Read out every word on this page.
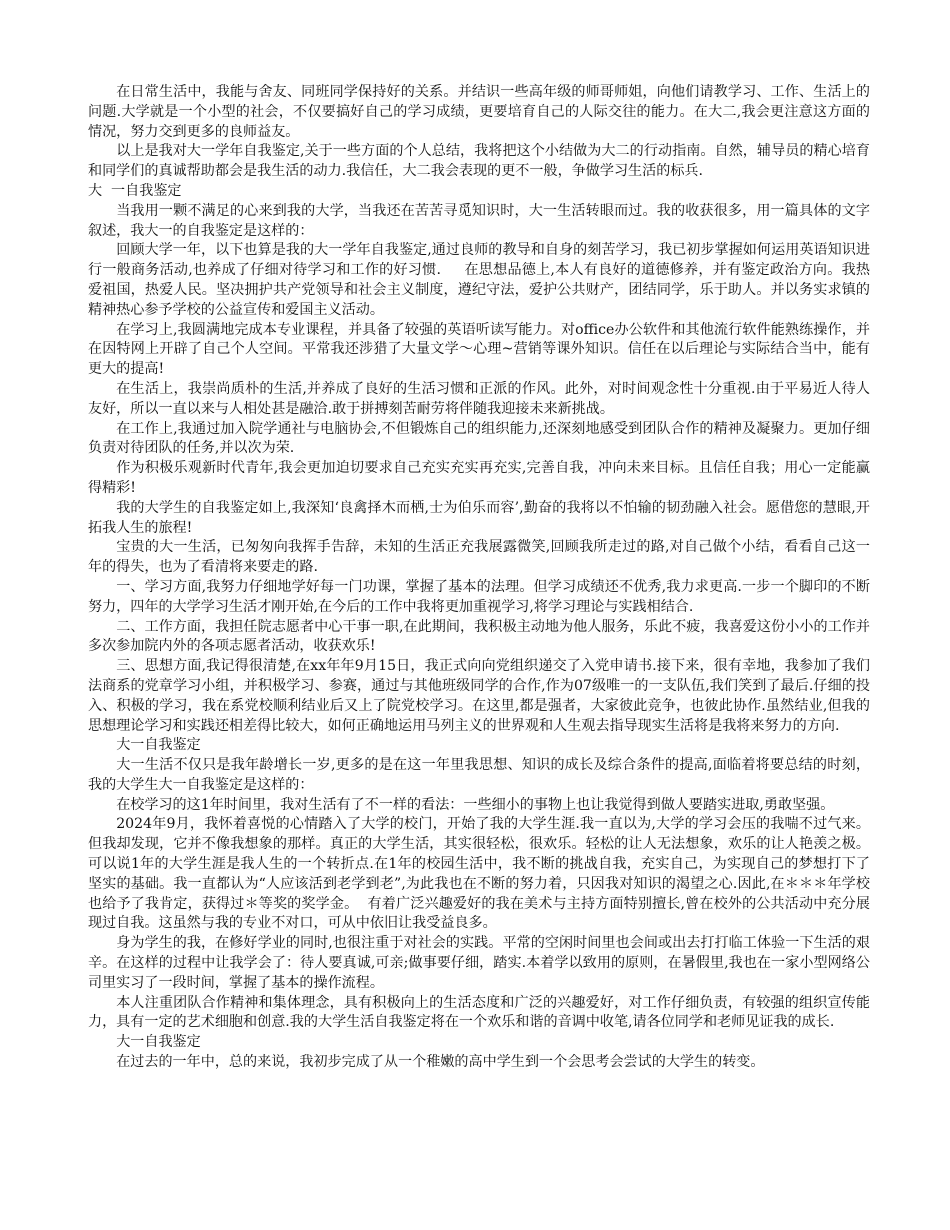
在日常生活中，我能与舍友、同班同学保持好的关系。并结识一些高年级的师哥师姐，向他们请教学习、工作、生活上的问题.大学就是一个小型的社会，不仅要搞好自己的学习成绩，更要培育自己的人际交往的能力。在大二,我会更注意这方面的情况，努力交到更多的良师益友。

以上是我对大一学年自我鉴定,关于一些方面的个人总结，我将把这个小结做为大二的行动指南。自然，辅导员的精心培育和同学们的真诚帮助都会是我生活的动力.我信任，大二我会表现的更不一般，争做学习生活的标兵.

大  一自我鉴定

当我用一颗不满足的心来到我的大学，当我还在苦苦寻觅知识时，大一生活转眼而过。我的收获很多，用一篇具体的文字叙述，我大一的自我鉴定是这样的：

回顾大学一年，以下也算是我的大一学年自我鉴定,通过良师的教导和自身的刻苦学习，我已初步掌握如何运用英语知识进行一般商务活动,也养成了仔细对待学习和工作的好习惯.     在思想品德上,本人有良好的道德修养，并有鉴定政治方向。我热爱祖国，热爱人民。坚决拥护共产党领导和社会主义制度，遵纪守法，爱护公共财产，团结同学，乐于助人。并以务实求镇的精神热心参予学校的公益宣传和爱国主义活动。

在学习上,我圆满地完成本专业课程，并具备了较强的英语听读写能力。对office办公软件和其他流行软件能熟练操作，并在因特网上开辟了自己个人空间。平常我还涉猎了大量文学～心理~营销等课外知识。信任在以后理论与实际结合当中，能有更大的提高!

在生活上，我崇尚质朴的生活,并养成了良好的生活习惯和正派的作风。此外，对时间观念性十分重视.由于平易近人待人友好，所以一直以来与人相处甚是融洽.敢于拼搏刻苦耐劳将伴随我迎接未来新挑战。

在工作上,我通过加入院学通社与电脑协会,不但锻炼自己的组织能力,还深刻地感受到团队合作的精神及凝聚力。更加仔细负责对待团队的任务,并以次为荣.

作为积极乐观新时代青年,我会更加迫切要求自己充实充实再充实,完善自我，冲向未来目标。且信任自我；用心一定能赢得精彩!

我的大学生的自我鉴定如上,我深知‘良禽择木而栖,士为伯乐而容’,勤奋的我将以不怕输的韧劲融入社会。愿借您的慧眼,开拓我人生的旅程!

宝贵的大一生活，已匆匆向我挥手告辞，未知的生活正充我展露微笑,回顾我所走过的路,对自己做个小结，看看自己这一年的得失，也为了看清将来要走的路.

一、学习方面,我努力仔细地学好每一门功课，掌握了基本的法理。但学习成绩还不优秀,我力求更高.一步一个脚印的不断努力，四年的大学学习生活才刚开始,在今后的工作中我将更加重视学习,将学习理论与实践相结合.

二、工作方面，我担任院志愿者中心干事一职,在此期间，我积极主动地为他人服务，乐此不疲，我喜爱这份小小的工作并多次参加院内外的各项志愿者活动，收获欢乐!

三、思想方面,我记得很清楚,在xx年年9月15日，我正式向向党组织递交了入党申请书.接下来，很有幸地，我参加了我们法商系的党章学习小组，并积极学习、参赛，通过与其他班级同学的合作,作为07级唯一的一支队伍,我们笑到了最后.仔细的投入、积极的学习，我在系党校顺利结业后又上了院党校学习。在这里,都是强者，大家彼此竞争，也彼此协作.虽然结业,但我的思想理论学习和实践还相差得比较大，如何正确地运用马列主义的世界观和人生观去指导现实生活将是我将来努力的方向.

大一自我鉴定

大一生活不仅只是我年龄增长一岁,更多的是在这一年里我思想、知识的成长及综合条件的提高,面临着将要总结的时刻，我的大学生大一自我鉴定是这样的：

在校学习的这1年时间里，我对生活有了不一样的看法：一些细小的事物上也让我觉得到做人要踏实进取,勇敢坚强。

2024年9月，我怀着喜悦的心情踏入了大学的校门，开始了我的大学生涯.我一直以为,大学的学习会压的我喘不过气来。但我却发现，它并不像我想象的那样。真正的大学生活，其实很轻松，很欢乐。轻松的让人无法想象，欢乐的让人艳羡之极。可以说1年的大学生涯是我人生的一个转折点.在1年的校园生活中，我不断的挑战自我，充实自己，为实现自己的梦想打下了坚实的基础。我一直都认为“人应该活到老学到老”,为此我也在不断的努力着，只因我对知识的渴望之心.因此,在＊＊＊年学校也给予了我肯定，获得过＊等奖的奖学金。  有着广泛兴趣爱好的我在美术与主持方面特别擅长,曾在校外的公共活动中充分展现过自我。这虽然与我的专业不对口，可从中依旧让我受益良多。

身为学生的我，在修好学业的同时,也很注重于对社会的实践。平常的空闲时间里也会间或出去打打临工体验一下生活的艰辛。在这样的过程中让我学会了：待人要真诚,可亲;做事要仔细，踏实.本着学以致用的原则，在暑假里,我也在一家小型网络公司里实习了一段时间，掌握了基本的操作流程。

本人注重团队合作精神和集体理念，具有积极向上的生活态度和广泛的兴趣爱好，对工作仔细负责，有较强的组织宣传能力，具有一定的艺术细胞和创意.我的大学生活自我鉴定将在一个欢乐和谐的音调中收笔,请各位同学和老师见证我的成长.

大一自我鉴定

在过去的一年中，总的来说，我初步完成了从一个稚嫩的高中学生到一个会思考会尝试的大学生的转变。
